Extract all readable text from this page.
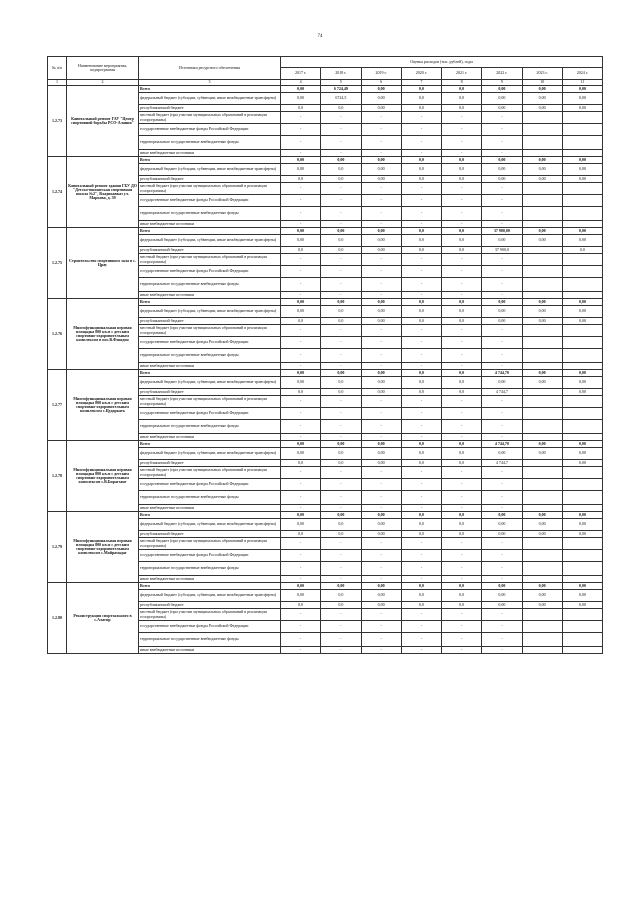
74
№ п/п	Наименование мероприятия, подпрограммы	Источники ресурсного обеспечения	Оценка расходов (тыс. рублей), годы							
			2017 г.	2018 г.	2019 г.	2020 г.	2021 г.	2022 г.	2023 г.	2024 г.
1	2	3	4	5	6	7	8	9	10	11
1.2.73	Капитальный ремонт ГАУ "Центр спортивной борьбы РСО-Алания"	Всего	0,00	6 724,49	0,00	0,0	0,0	0,00	0,00	0,00
		федеральный бюджет (субсидии, субвенции, иные межбюджетные трансферты)	0,00	6724,5	0,00	0,0	0,0	0,00	0,00	0,00
		республиканский бюджет	0,0	0,0	0,00	0,0	0,0	0,00	0,00	0,00
		местный бюджет (при участии муниципальных образований в реализации госпрограммы)	-	-	-	-	-	-		
		государственные внебюджетные фонды Российской Федерации	-	-	-	-	-	-		
		территориальные государственные внебюджетные фонды	-	-	-	-	-	-		
		иные внебюджетные источники	-	-	-	-	-	-		
1.2.74	Капитальный ремонт здания ГБУ ДО "Детско-юношеская спортивная школа №2", Владикавказ ул. Маркова, д. 39	Всего	0,00	0,00	0,00	0,0	0,0	0,00	0,00	0,00
		федеральный бюджет (субсидии, субвенции, иные межбюджетные трансферты)	0,00	0,0	0,00	0,0	0,0	0,00	0,00	0,00
		республиканский бюджет	0,0	0,0	0,00	0,0	0,0	0,00	0,00	0,00
		местный бюджет (при участии муниципальных образований в реализации госпрограммы)	-	-	-	-	-	-		
		государственные внебюджетные фонды Российской Федерации	-	-	-	-	-	-		
		территориальные государственные внебюджетные фонды	-	-	-	-	-	-		
		иные внебюджетные источники	-	-	-	-	-	-		
1.2.75	Строительство спортивного зала в с. Црау	Всего	0,00	0,00	0,00	0,0	0,0	37 900,00	0,00	0,00
		федеральный бюджет (субсидии, субвенции, иные межбюджетные трансферты)	0,00	0,0	0,00	0,0	0,0	0,00	0,00	0,00
		республиканский бюджет	0,0	0,0	0,00	0,0	0,0	37 900,0		0,0
		местный бюджет (при участии муниципальных образований в реализации госпрограммы)	-	-	-	-	-	-		
		государственные внебюджетные фонды Российской Федерации	-	-	-	-	-	-		
		территориальные государственные внебюджетные фонды	-	-	-	-	-	-		
		иные внебюджетные источники	-	-	-	-	-	-		
1.2.76	Многофункциональная игровая площадка 800 кв.м с детским спортивно-оздоровительным комплексом в пос.В.Фиагдон	Всего	0,00	0,00	0,00	0,0	0,0	0,00	0,00	0,00
		федеральный бюджет (субсидии, субвенции, иные межбюджетные трансферты)	0,00	0,0	0,00	0,0	0,0	0,00	0,00	0,00
		республиканский бюджет	0,0	0,0	0,00	0,0	0,0	0,00	0,00	0,00
		местный бюджет (при участии муниципальных образований в реализации госпрограммы)	-	-	-	-	-	-		
		государственные внебюджетные фонды Российской Федерации	-	-	-	-	-	-		
		территориальные государственные внебюджетные фонды	-	-	-	-	-	-		
		иные внебюджетные источники	-	-	-	-	-	-		
1.2.77	Многофункциональная игровая площадка 800 кв.м с детским спортивно-оздоровительным комплексом с.Цударкать	Всего	0,00	0,00	0,00	0,0	0,0	4 744,70	0,00	0,00
		федеральный бюджет (субсидии, субвенции, иные межбюджетные трансферты)	0,00	0,0	0,00	0,0	0,0	0,00	0,00	0,00
		республиканский бюджет	0,0	0,0	0,00	0,0	0,0	4 744,7		0,00
		местный бюджет (при участии муниципальных образований в реализации госпрограммы)	-	-	-	-	-	-		
		государственные внебюджетные фонды Российской Федерации	-	-	-	-	-	-		
		территориальные государственные внебюджетные фонды	-	-	-	-	-	-		
		иные внебюджетные источники	-	-	-	-	-	-		
1.2.78	Многофункциональная игровая площадка 800 кв.м с детским спортивно-оздоровительным комплексом с.В.Бирагзанг	Всего	0,00	0,00	0,00	0,0	0,0	4 744,70	0,00	0,00
		федеральный бюджет (субсидии, субвенции, иные межбюджетные трансферты)	0,00	0,0	0,00	0,0	0,0	0,00	0,00	0,00
		республиканский бюджет	0,0	0,0	0,00	0,0	0,0	4 744,7		0,00
		местный бюджет (при участии муниципальных образований в реализации госпрограммы)	-	-	-	-	-	-		
		государственные внебюджетные фонды Российской Федерации	-	-	-	-	-	-		
		территориальные государственные внебюджетные фонды	-	-	-	-	-	-		
		иные внебюджетные источники	-	-	-	-	-	-		
1.2.79	Многофункциональная игровая площадка 800 кв.м с детским спортивно-оздоровительным комплексом с.Майрамадаг	Всего	0,00	0,00	0,00	0,0	0,0	0,00	0,00	0,00
		федеральный бюджет (субсидии, субвенции, иные межбюджетные трансферты)	0,00	0,0	0,00	0,0	0,0	0,00	0,00	0,00
		республиканский бюджет	0,0	0,0	0,00	0,0	0,0	0,00	0,00	0,00
		местный бюджет (при участии муниципальных образований в реализации госпрограммы)	-	-	-	-	-	-		
		государственные внебюджетные фонды Российской Федерации	-	-	-	-	-	-		
		территориальные государственные внебюджетные фонды	-	-	-	-	-	-		
		иные внебюджетные источники	-	-	-	-	-	-		
1.2.80	Реконструкция спортзального в с.Алагир	Всего	0,00	0,00	0,00	0,0	0,0	0,00	0,00	0,00
		федеральный бюджет (субсидии, субвенции, иные межбюджетные трансферты)	0,00	0,0	0,00	0,0	0,0	0,00	0,00	0,00
		республиканский бюджет	0,0	0,0	0,00	0,0	0,0	0,00	0,00	0,00
		местный бюджет (при участии муниципальных образований в реализации госпрограммы)	-	-	-	-	-	-		
		государственные внебюджетные фонды Российской Федерации	-	-	-	-	-	-		
		территориальные государственные внебюджетные фонды	-	-	-	-	-	-		
		иные внебюджетные источники	-	-	-	-	-	-		
